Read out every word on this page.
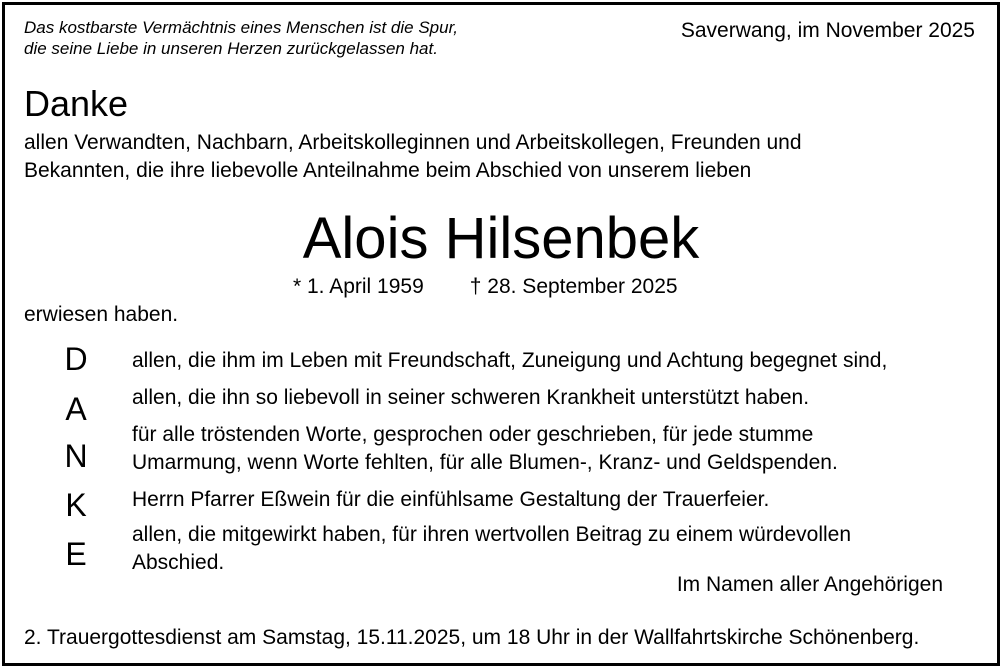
Das kostbarste Vermächtnis eines Menschen ist die Spur,
die seine Liebe in unseren Herzen zurückgelassen hat.
Saverwang, im November 2025
Danke
allen Verwandten, Nachbarn, Arbeitskolleginnen und Arbeitskollegen, Freunden und
Bekannten, die ihre liebevolle Anteilnahme beim Abschied von unserem lieben
Alois Hilsenbek
* 1. April 1959 † 28. September 2025
erwiesen haben.
D
A
N
K
E
allen, die ihm im Leben mit Freundschaft, Zuneigung und Achtung begegnet sind,
allen, die ihn so liebevoll in seiner schweren Krankheit unterstützt haben.
für alle tröstenden Worte, gesprochen oder geschrieben, für jede stumme
Umarmung, wenn Worte fehlten, für alle Blumen-, Kranz- und Geldspenden.
Herrn Pfarrer Eßwein für die einfühlsame Gestaltung der Trauerfeier.
allen, die mitgewirkt haben, für ihren wertvollen Beitrag zu einem würdevollen
Abschied.
Im Namen aller Angehörigen
2. Trauergottesdienst am Samstag, 15.11.2025, um 18 Uhr in der Wallfahrtskirche Schönenberg.
